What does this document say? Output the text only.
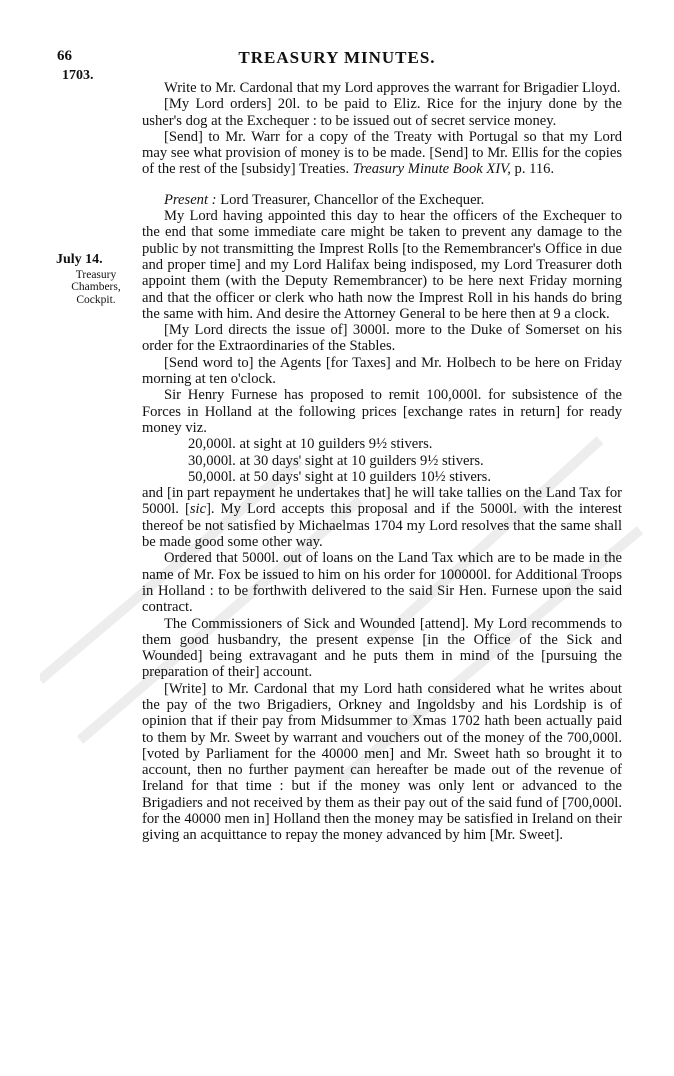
66	TREASURY MINUTES.
1703.
July 14.
Treasury
Chambers,
Cockpit.

Write to Mr. Cardonal that my Lord approves the warrant for Brigadier Lloyd.

[My Lord orders] 20l. to be paid to Eliz. Rice for the injury done by the usher's dog at the Exchequer : to be issued out of secret service money.

[Send] to Mr. Warr for a copy of the Treaty with Portugal so that my Lord may see what provision of money is to be made. [Send] to Mr. Ellis for the copies of the rest of the [subsidy] Treaties. Treasury Minute Book XIV, p. 116.

Present : Lord Treasurer, Chancellor of the Exchequer.

My Lord having appointed this day to hear the officers of the Exchequer to the end that some immediate care might be taken to prevent any damage to the public by not transmitting the Imprest Rolls [to the Remembrancer's Office in due and proper time] and my Lord Halifax being indisposed, my Lord Treasurer doth appoint them (with the Deputy Remembrancer) to be here next Friday morning and that the officer or clerk who hath now the Imprest Roll in his hands do bring the same with him. And desire the Attorney General to be here then at 9 a clock.

[My Lord directs the issue of] 3000l. more to the Duke of Somerset on his order for the Extraordinaries of the Stables.

[Send word to] the Agents [for Taxes] and Mr. Holbech to be here on Friday morning at ten o'clock.

Sir Henry Furnese has proposed to remit 100,000l. for subsistence of the Forces in Holland at the following prices [exchange rates in return] for ready money viz.

20,000l. at sight at 10 guilders 9½ stivers.

30,000l. at 30 days' sight at 10 guilders 9½ stivers.

50,000l. at 50 days' sight at 10 guilders 10½ stivers.

and [in part repayment he undertakes that] he will take tallies on the Land Tax for 5000l. [sic]. My Lord accepts this proposal and if the 5000l. with the interest thereof be not satisfied by Michaelmas 1704 my Lord resolves that the same shall be made good some other way.

Ordered that 5000l. out of loans on the Land Tax which are to be made in the name of Mr. Fox be issued to him on his order for 100000l. for Additional Troops in Holland : to be forthwith delivered to the said Sir Hen. Furnese upon the said contract.

The Commissioners of Sick and Wounded [attend]. My Lord recommends to them good husbandry, the present expense [in the Office of the Sick and Wounded] being extravagant and he puts them in mind of the [pursuing the preparation of their] account.

[Write] to Mr. Cardonal that my Lord hath considered what he writes about the pay of the two Brigadiers, Orkney and Ingoldsby and his Lordship is of opinion that if their pay from Midsummer to Xmas 1702 hath been actually paid to them by Mr. Sweet by warrant and vouchers out of the money of the 700,000l. [voted by Parliament for the 40000 men] and Mr. Sweet hath so brought it to account, then no further payment can hereafter be made out of the revenue of Ireland for that time : but if the money was only lent or advanced to the Brigadiers and not received by them as their pay out of the said fund of [700,000l. for the 40000 men in] Holland then the money may be satisfied in Ireland on their giving an acquittance to repay the money advanced by him [Mr. Sweet].
